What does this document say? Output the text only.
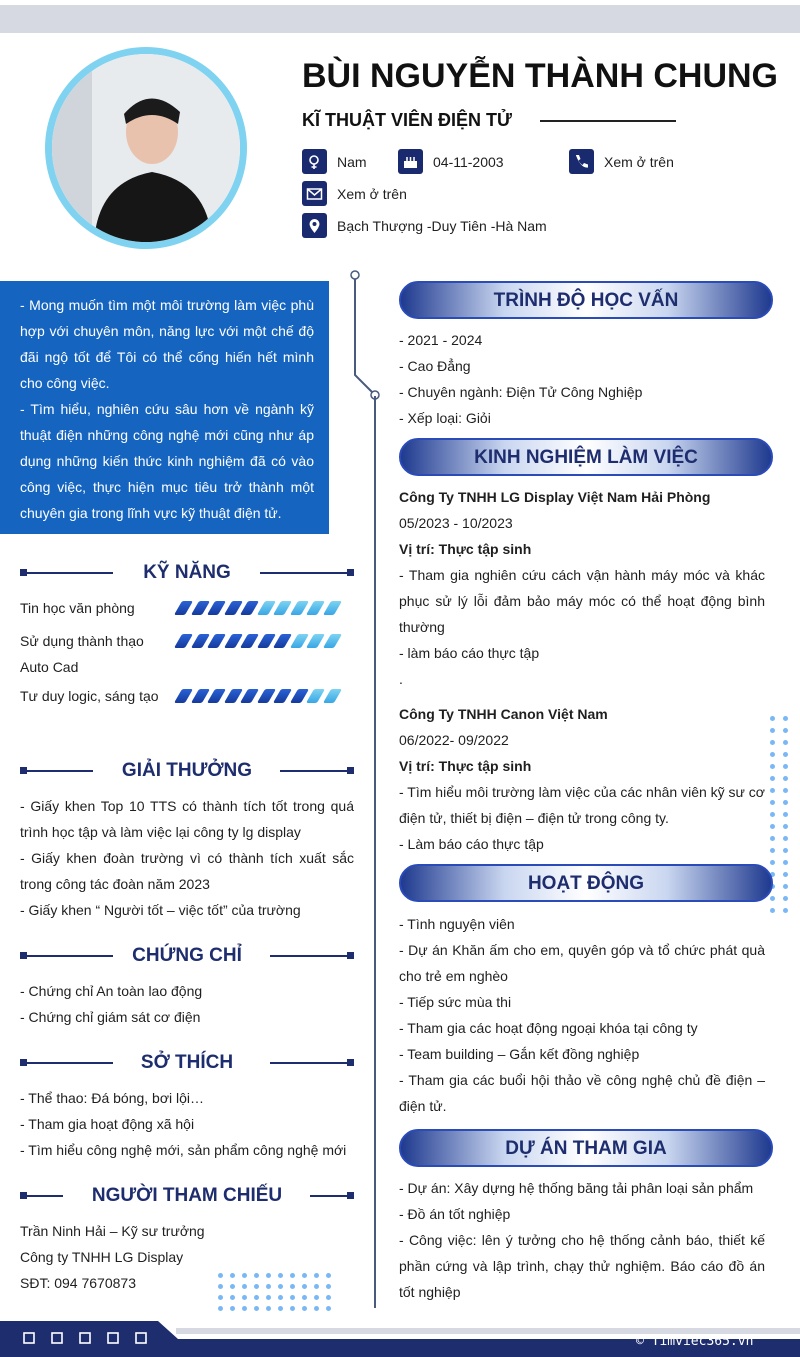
BÙI NGUYỄN THÀNH CHUNG
KĨ THUẬT VIÊN ĐIỆN TỬ
Nam	04-11-2003	Xem ở trên
Xem ở trên
Bạch Thượng -Duy Tiên -Hà Nam
- Mong muốn tìm một môi trường làm việc phù hợp với chuyên môn, năng lực với một chế độ đãi ngộ tốt để Tôi có thể cống hiến hết mình cho công việc.
- Tìm hiểu, nghiên cứu sâu hơn về ngành kỹ thuật điện những công nghệ mới cũng như áp dụng những kiến thức kinh nghiệm đã có vào công việc, thực hiện mục tiêu trở thành một chuyên gia trong lĩnh vực kỹ thuật điện tử.
KỸ NĂNG
Tin học văn phòng
Sử dụng thành thạo Auto Cad
Tư duy logic, sáng tạo
GIẢI THƯỞNG
- Giấy khen Top 10 TTS có thành tích tốt trong quá trình học tập và làm việc lại công ty lg display
- Giấy khen đoàn trường vì có thành tích xuất sắc trong công tác đoàn năm 2023
- Giấy khen “ Người tốt – việc tốt” của trường
CHỨNG CHỈ
- Chứng chỉ An toàn lao động
- Chứng chỉ giám sát cơ điện
SỞ THÍCH
- Thể thao: Đá bóng, bơi lội…
- Tham gia hoạt động xã hội
- Tìm hiểu công nghệ mới, sản phẩm công nghệ mới
NGƯỜI THAM CHIẾU
Trần Ninh Hải – Kỹ sư trưởng
Công ty TNHH LG Display
SĐT: 094 7670873
TRÌNH ĐỘ HỌC VẤN
- 2021 - 2024
- Cao Đẳng
- Chuyên ngành: Điện Tử Công Nghiệp
- Xếp loại: Giỏi
KINH NGHIỆM LÀM VIỆC
Công Ty TNHH LG Display Việt Nam Hải Phòng
05/2023 - 10/2023
Vị trí: Thực tập sinh
- Tham gia nghiên cứu cách vận hành máy móc và khác phục sử lý lỗi đảm bảo máy móc có thể hoạt động bình thường
- làm báo cáo thực tập
.
Công Ty TNHH Canon Việt Nam
06/2022- 09/2022
Vị trí: Thực tập sinh
- Tìm hiểu môi trường làm việc của các nhân viên kỹ sư cơ điện tử, thiết bị điện – điện tử trong công ty.
- Làm báo cáo thực tập
HOẠT ĐỘNG
- Tình nguyện viên
- Dự án Khăn ấm cho em, quyên góp và tổ chức phát quà cho trẻ em nghèo
- Tiếp sức mùa thi
- Tham gia các hoạt động ngoại khóa tại công ty
- Team building – Gắn kết đồng nghiệp
- Tham gia các buổi hội thảo về công nghệ chủ đề điện – điện tử.
DỰ ÁN THAM GIA
- Dự án: Xây dựng hệ thống băng tải phân loại sản phẩm
- Đồ án tốt nghiệp
- Công việc: lên ý tưởng cho hệ thống cảnh báo, thiết kế phần cứng và lập trình, chạy thử nghiệm. Báo cáo đồ án tốt nghiệp
© Timviec365.vn
